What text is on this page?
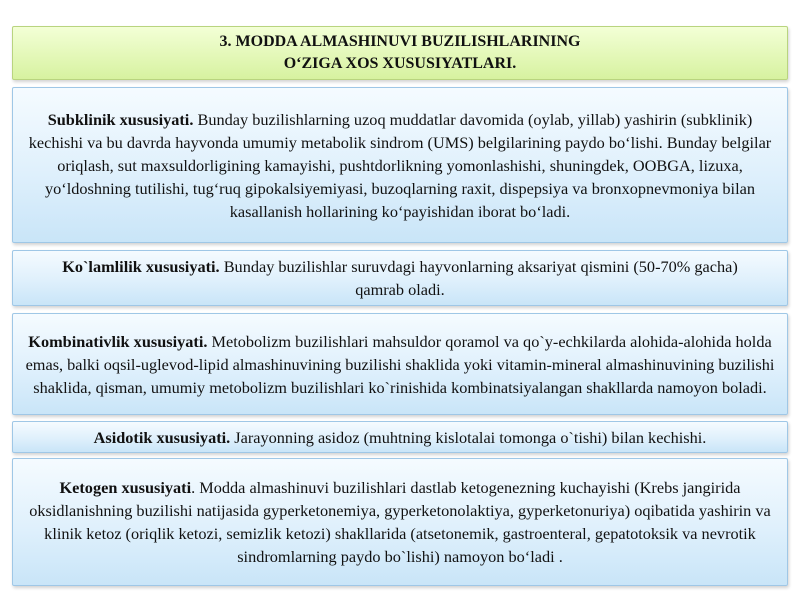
3. MODDA ALMASHINUVI BUZILISHLARINING
O‘ZIGA XOS XUSUSIYATLARI.
Subklinik xususiyati. Bunday buzilishlarning uzoq muddatlar davomida (oylab, yillab) yashirin (subklinik) kechishi va bu davrda hayvonda umumiy metabolik sindrom (UMS) belgilarining paydo bo‘lishi. Bunday belgilar oriqlash, sut maxsuldorligining kamayishi, pushtdorlikning yomonlashishi, shuningdek, OOBGA, lizuxa, yo‘ldoshning tutilishi, tug‘ruq gipokalsiyemiyasi, buzoqlarning raxit, dispepsiya va bronxopnevmoniya bilan kasallanish hollarining ko‘payishidan iborat bo‘ladi.
Ko`lamlilik xususiyati. Bunday buzilishlar suruvdagi hayvonlarning aksariyat qismini (50-70% gacha) qamrab oladi.
Kombinativlik xususiyati. Metobolizm buzilishlari mahsuldor qoramol va qo`y-echkilarda alohida-alohida holda emas, balki oqsil-uglevod-lipid almashinuvining buzilishi shaklida yoki vitamin-mineral almashinuvining buzilishi shaklida, qisman, umumiy metobolizm buzilishlari ko`rinishida kombinatsiyalangan shakllarda namoyon boladi.
Asidotik xususiyati. Jarayonning asidoz (muhtning kislotalai tomonga o`tishi) bilan kechishi.
Ketogen xususiyati. Modda almashinuvi buzilishlari dastlab ketogenezning kuchayishi (Krebs jangirida oksidlanishning buzilishi natijasida gyperketonemiya, gyperketonolaktiya, gyperketonuriya) oqibatida yashirin va klinik ketoz (oriqlik ketozi, semizlik ketozi) shakllarida (atsetonemik, gastroenteral, gepatotoksik va nevrotik sindromlarning paydo bo`lishi) namoyon bo‘ladi .
